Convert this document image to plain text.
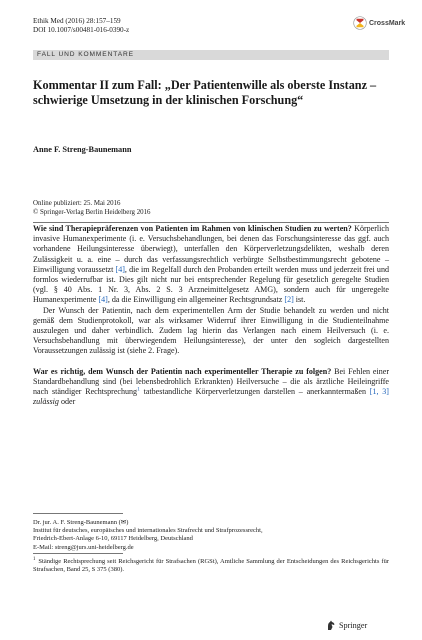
Ethik Med (2016) 28:157–159
DOI 10.1007/s00481-016-0390-z
CrossMark
FALL UND KOMMENTARE
Kommentar II zum Fall: „Der Patientenwille als oberste Instanz – schwierige Umsetzung in der klinischen Forschung“
Anne F. Streng-Baunemann
Online publiziert: 25. Mai 2016
© Springer-Verlag Berlin Heidelberg 2016

Wie sind Therapiepräferenzen von Patienten im Rahmen von klinischen Studien zu werten? Körperlich invasive Humanexperimente (i. e. Versuchsbehandlungen, bei denen das Forschungsinteresse das ggf. auch vorhandene Heilungsinteresse überwiegt), unterfallen den Körperverletzungsdelikten, weshalb deren Zulässigkeit u. a. eine – durch das verfassungsrechtlich verbürgte Selbstbestimmungsrecht gebotene – Einwilligung voraussetzt [4], die im Regelfall durch den Probanden erteilt werden muss und jederzeit frei und formlos wiederrufbar ist. Dies gilt nicht nur bei entsprechender Regelung für gesetzlich geregelte Studien (vgl. § 40 Abs. 1 Nr. 3, Abs. 2 S. 3 Arzneimittelgesetz AMG), sondern auch für ungeregelte Humanexperimente [4], da die Einwilligung ein allgemeiner Rechtsgrundsatz [2] ist.

Der Wunsch der Patientin, nach dem experimentellen Arm der Studie behandelt zu werden und nicht gemäß dem Studienprotokoll, war als wirksamer Widerruf ihrer Einwilligung in die Studienteilnahme auszulegen und daher verbindlich. Zudem lag hierin das Verlangen nach einem Heilversuch (i. e. Versuchsbehandlung mit überwiegendem Heilungsinteresse), der unter den sogleich dargestellten Voraussetzungen zulässig ist (siehe 2. Frage).

War es richtig, dem Wunsch der Patientin nach experimenteller Therapie zu folgen? Bei Fehlen einer Standardbehandlung sind (bei lebensbedrohlich Erkrankten) Heilversuche – die als ärztliche Heileingriffe nach ständiger Rechtsprechung$^1$ tatbestandliche Körperverletzungen darstellen – anerkanntermaßen [1, 3] zulässig oder

Dr. jur. A. F. Streng-Baunemann (✉)
Institut für deutsches, europäisches und internationales Strafrecht und Strafprozessrecht,
Friedrich-Ebert-Anlage 6-10, 69117 Heidelberg, Deutschland
E-Mail: streng@jurs.uni-heidelberg.de
$^1$ Ständige Rechtsprechung seit Reichsgericht für Strafsachen (RGSt), Amtliche Sammlung der Entscheidungen des Reichsgerichts für Strafsachen, Band 25, S 375 (380).
Springer
